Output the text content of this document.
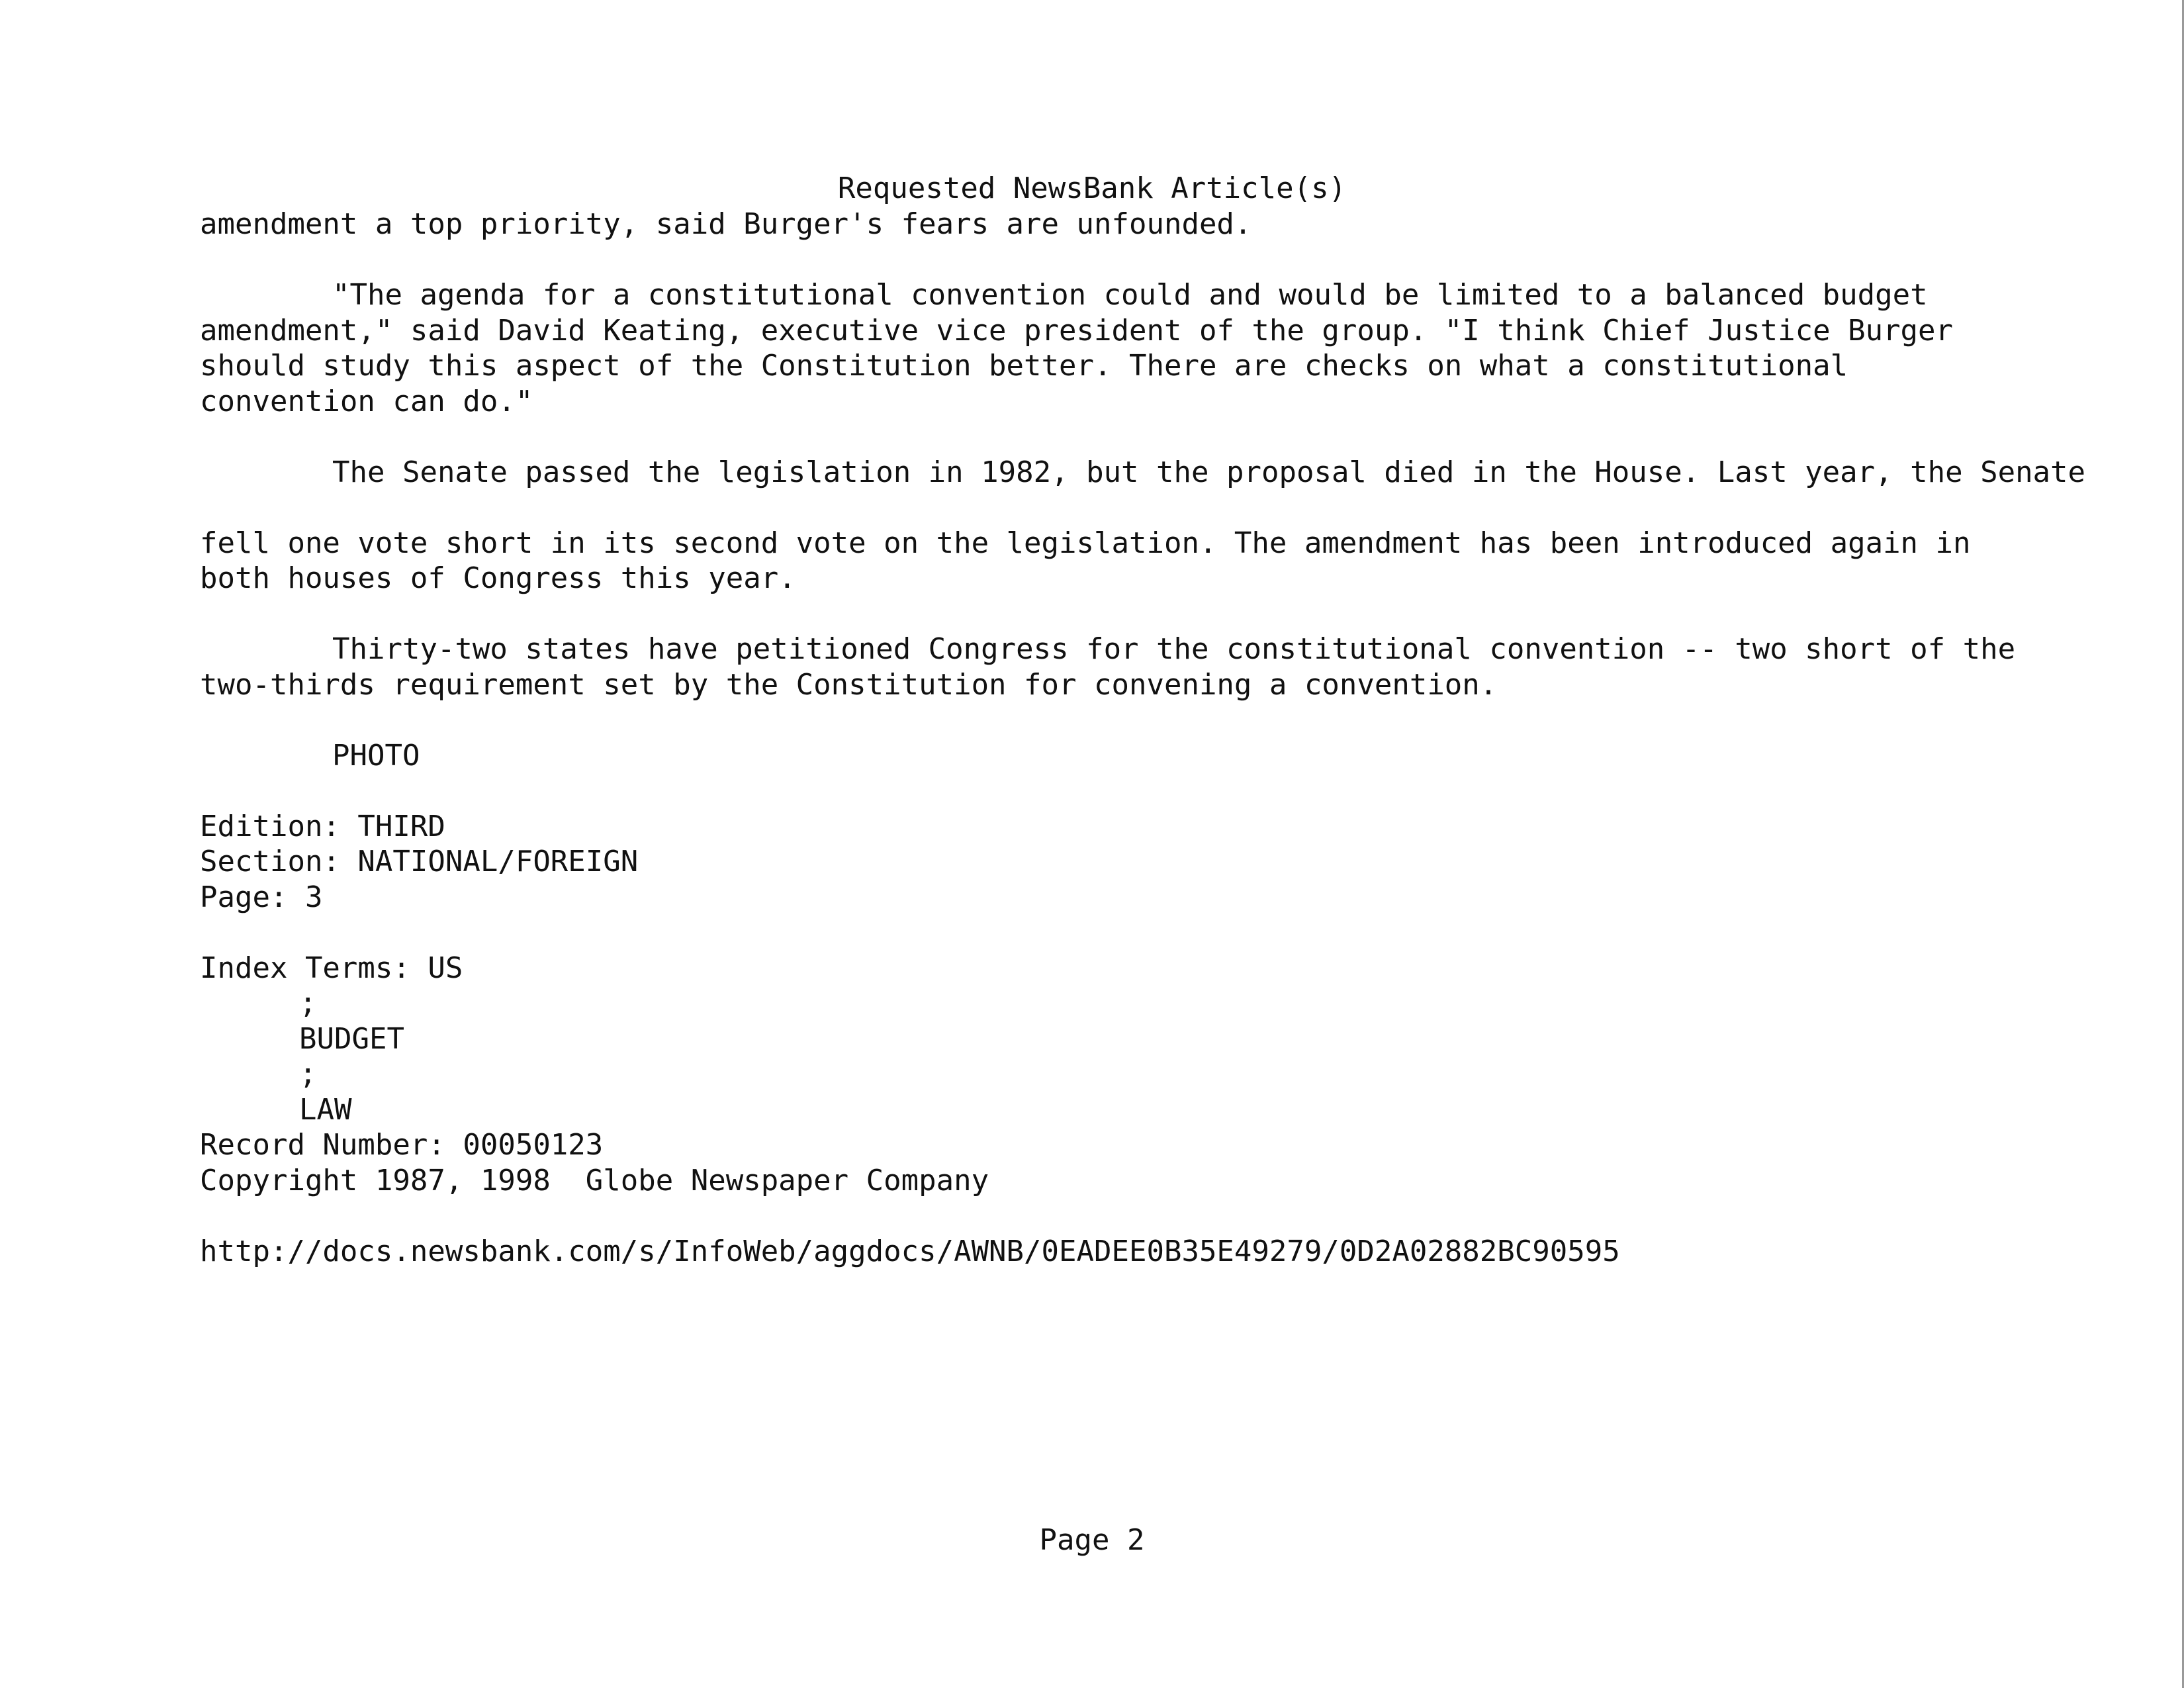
Requested NewsBank Article(s)
amendment a top priority, said Burger's fears are unfounded.
"The agenda for a constitutional convention could and would be limited to a balanced budget
amendment," said David Keating, executive vice president of the group. "I think Chief Justice Burger
should study this aspect of the Constitution better. There are checks on what a constitutional
convention can do."
The Senate passed the legislation in 1982, but the proposal died in the House. Last year, the Senate
fell one vote short in its second vote on the legislation. The amendment has been introduced again in
both houses of Congress this year.
Thirty-two states have petitioned Congress for the constitutional convention -- two short of the
two-thirds requirement set by the Constitution for convening a convention.
PHOTO
Edition: THIRD
Section: NATIONAL/FOREIGN
Page: 3
Index Terms: US
;
BUDGET
;
LAW
Record Number: 00050123
Copyright 1987, 1998  Globe Newspaper Company
http://docs.newsbank.com/s/InfoWeb/aggdocs/AWNB/0EADEE0B35E49279/0D2A02882BC90595
Page 2
